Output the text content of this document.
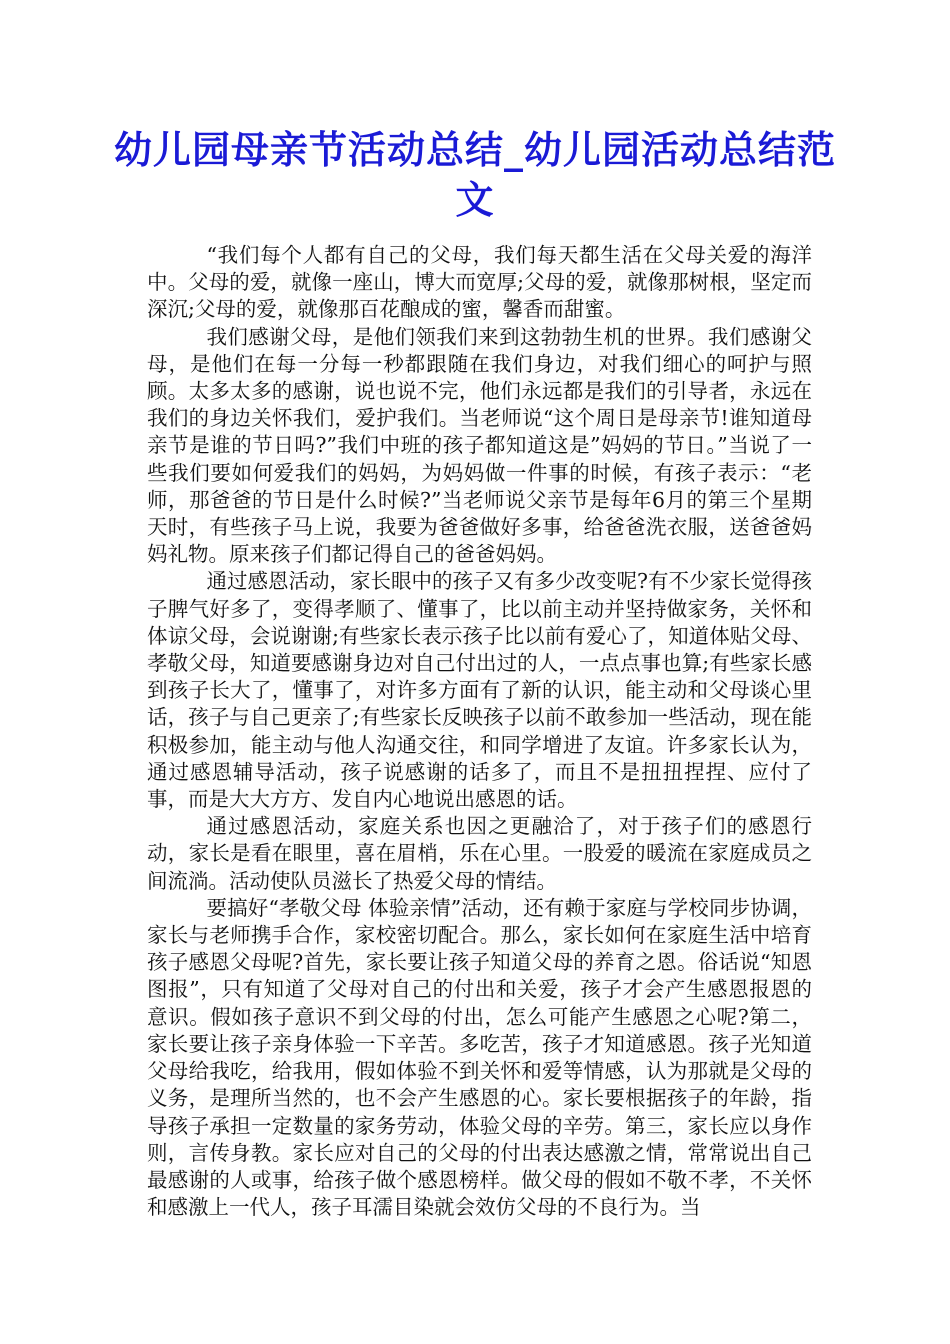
幼儿园母亲节活动总结_幼儿园活动总结范文

“我们每个人都有自己的父母，我们每天都生活在父母关爱的海洋中。父母的爱，就像一座山，博大而宽厚;父母的爱，就像那树根，坚定而深沉;父母的爱，就像那百花酿成的蜜，馨香而甜蜜。

我们感谢父母，是他们领我们来到这勃勃生机的世界。我们感谢父母，是他们在每一分每一秒都跟随在我们身边，对我们细心的呵护与照顾。太多太多的感谢，说也说不完，他们永远都是我们的引导者，永远在我们的身边关怀我们，爱护我们。当老师说“这个周日是母亲节!谁知道母亲节是谁的节日吗?”我们中班的孩子都知道这是”妈妈的节日。”当说了一些我们要如何爱我们的妈妈，为妈妈做一件事的时候，有孩子表示：“老师，那爸爸的节日是什么时候?”当老师说父亲节是每年6月的第三个星期天时，有些孩子马上说，我要为爸爸做好多事，给爸爸洗衣服，送爸爸妈妈礼物。原来孩子们都记得自己的爸爸妈妈。

通过感恩活动，家长眼中的孩子又有多少改变呢?有不少家长觉得孩子脾气好多了，变得孝顺了、懂事了，比以前主动并坚持做家务，关怀和体谅父母，会说谢谢;有些家长表示孩子比以前有爱心了，知道体贴父母、孝敬父母，知道要感谢身边对自己付出过的人，一点点事也算;有些家长感到孩子长大了，懂事了，对许多方面有了新的认识，能主动和父母谈心里话，孩子与自己更亲了;有些家长反映孩子以前不敢参加一些活动，现在能积极参加，能主动与他人沟通交往，和同学增进了友谊。许多家长认为，通过感恩辅导活动，孩子说感谢的话多了，而且不是扭扭捏捏、应付了事，而是大大方方、发自内心地说出感恩的话。

通过感恩活动，家庭关系也因之更融洽了，对于孩子们的感恩行动，家长是看在眼里，喜在眉梢，乐在心里。一股爱的暖流在家庭成员之间流淌。活动使队员滋长了热爱父母的情结。

要搞好“孝敬父母 体验亲情”活动，还有赖于家庭与学校同步协调，家长与老师携手合作，家校密切配合。那么，家长如何在家庭生活中培育孩子感恩父母呢?首先，家长要让孩子知道父母的养育之恩。俗话说“知恩图报”，只有知道了父母对自己的付出和关爱，孩子才会产生感恩报恩的意识。假如孩子意识不到父母的付出，怎么可能产生感恩之心呢?第二，家长要让孩子亲身体验一下辛苦。多吃苦，孩子才知道感恩。孩子光知道父母给我吃，给我用，假如体验不到关怀和爱等情感，认为那就是父母的义务，是理所当然的，也不会产生感恩的心。家长要根据孩子的年龄，指导孩子承担一定数量的家务劳动，体验父母的辛劳。第三，家长应以身作则，言传身教。家长应对自己的父母的付出表达感激之情，常常说出自己最感谢的人或事，给孩子做个感恩榜样。做父母的假如不敬不孝，不关怀和感激上一代人，孩子耳濡目染就会效仿父母的不良行为。当
